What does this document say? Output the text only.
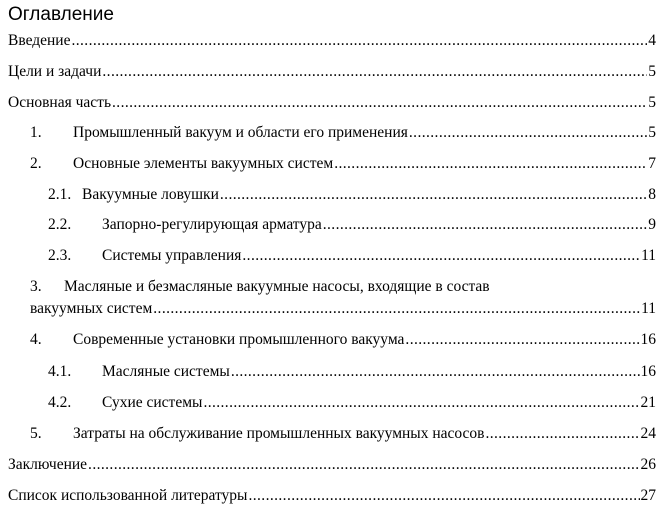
Оглавление
Введение .....	4
Цели и задачи .....	5
Основная часть .....	5
1.	Промышленный вакуум и области его применения .....	5
2.	Основные элементы вакуумных систем .....	7
2.1. Вакуумные ловушки .....	8
2.2.	Запорно-регулирующая арматура .....	9
2.3.	Системы управления .....	11
3. Масляные и безмасляные вакуумные насосы, входящие в состав
вакуумных систем .....	11
4.	Современные установки промышленного вакуума .....	16
4.1.	Масляные системы .....	16
4.2.	Сухие системы .....	21
5.	Затраты на обслуживание промышленных вакуумных насосов .....	24
Заключение .....	26
Список использованной литературы .....	27
